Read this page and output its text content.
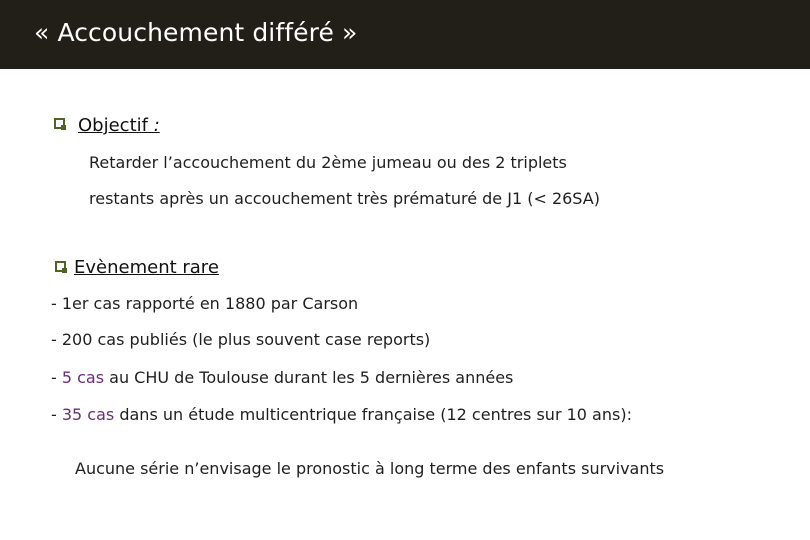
« Accouchement différé »
Objectif :
Retarder l’accouchement du 2ème jumeau ou des 2 triplets
restants après un accouchement très prématuré de J1 (< 26SA)
Evènement rare
- 1er cas rapporté en 1880 par Carson
- 200 cas publiés (le plus souvent case reports)
- 5 cas au CHU de Toulouse durant les 5 dernières années
- 35 cas dans un étude multicentrique française (12 centres sur 10 ans):
Aucune série n’envisage le pronostic à long terme des enfants survivants
